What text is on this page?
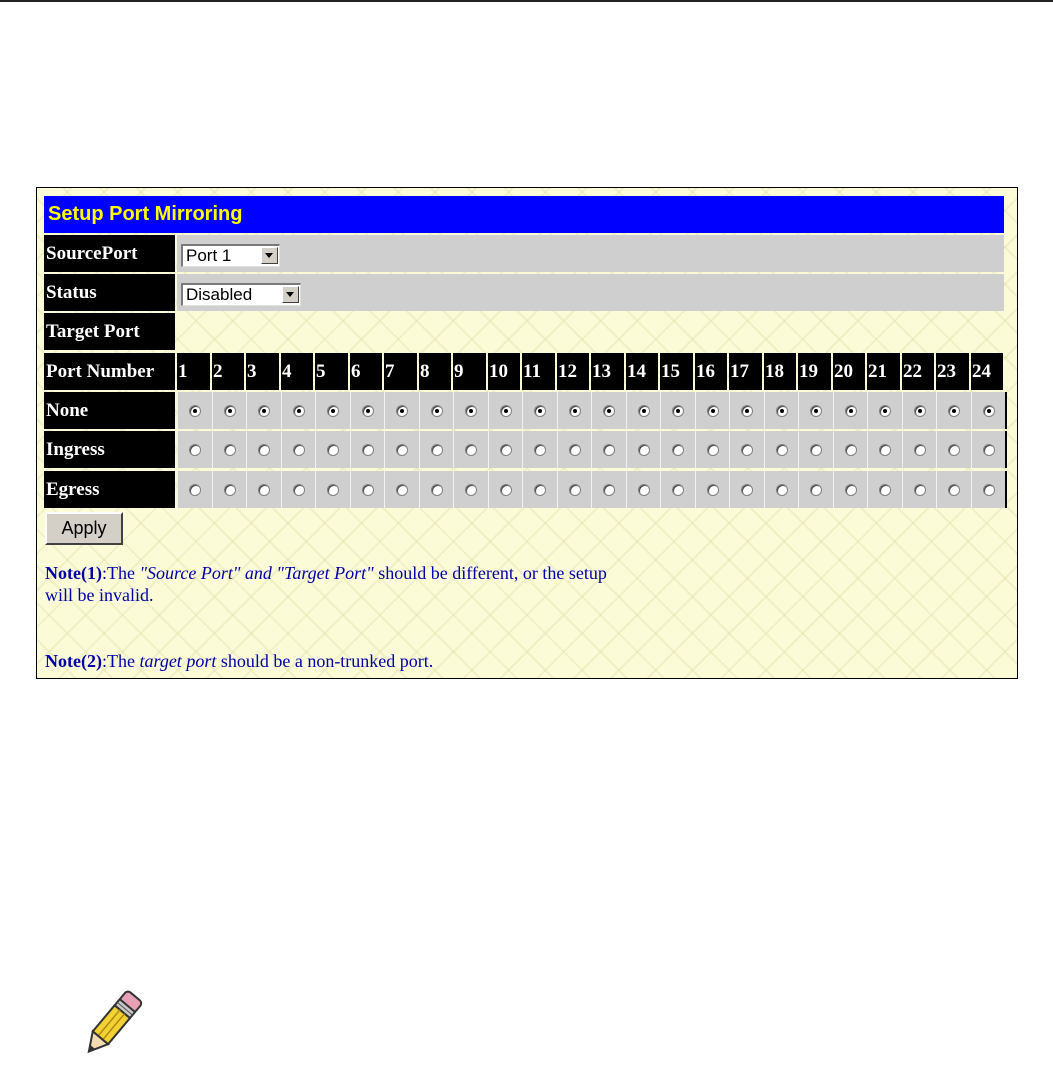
Setup Port Mirroring
SourcePort	Port 1
Status	Disabled
Target Port
Port Number	1	2	3	4	5	6	7	8	9	10 11 12 13 14 15 16 17 18 19 20 21 22 23 24
None
Ingress
Egress
Apply
Note(1):The "Source Port" and "Target Port" should be different, or the setup
will be invalid.
Note(2):The target port should be a non-trunked port.
